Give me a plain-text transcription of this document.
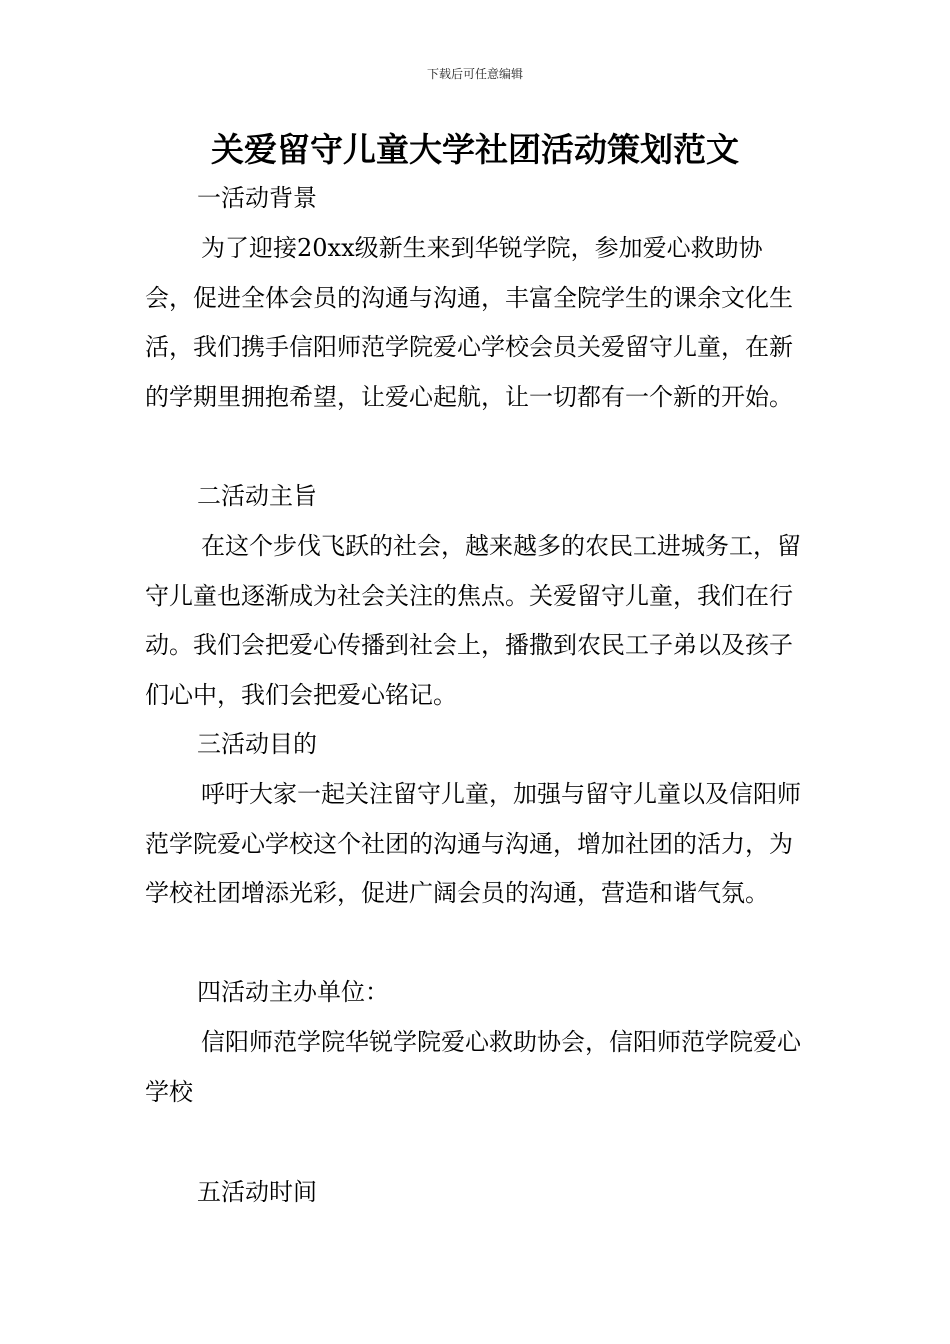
下载后可任意编辑
关爱留守儿童大学社团活动策划范文

一活动背景

为了迎接20xx级新生来到华锐学院，参加爱心救助协会，促进全体会员的沟通与沟通，丰富全院学生的课余文化生活，我们携手信阳师范学院爱心学校会员关爱留守儿童，在新的学期里拥抱希望，让爱心起航，让一切都有一个新的开始。

二活动主旨

在这个步伐飞跃的社会，越来越多的农民工进城务工，留守儿童也逐渐成为社会关注的焦点。关爱留守儿童，我们在行动。我们会把爱心传播到社会上，播撒到农民工子弟以及孩子们心中，我们会把爱心铭记。

三活动目的

呼吁大家一起关注留守儿童，加强与留守儿童以及信阳师范学院爱心学校这个社团的沟通与沟通，增加社团的活力，为学校社团增添光彩，促进广阔会员的沟通，营造和谐气氛。

四活动主办单位：

信阳师范学院华锐学院爱心救助协会，信阳师范学院爱心学校

五活动时间
